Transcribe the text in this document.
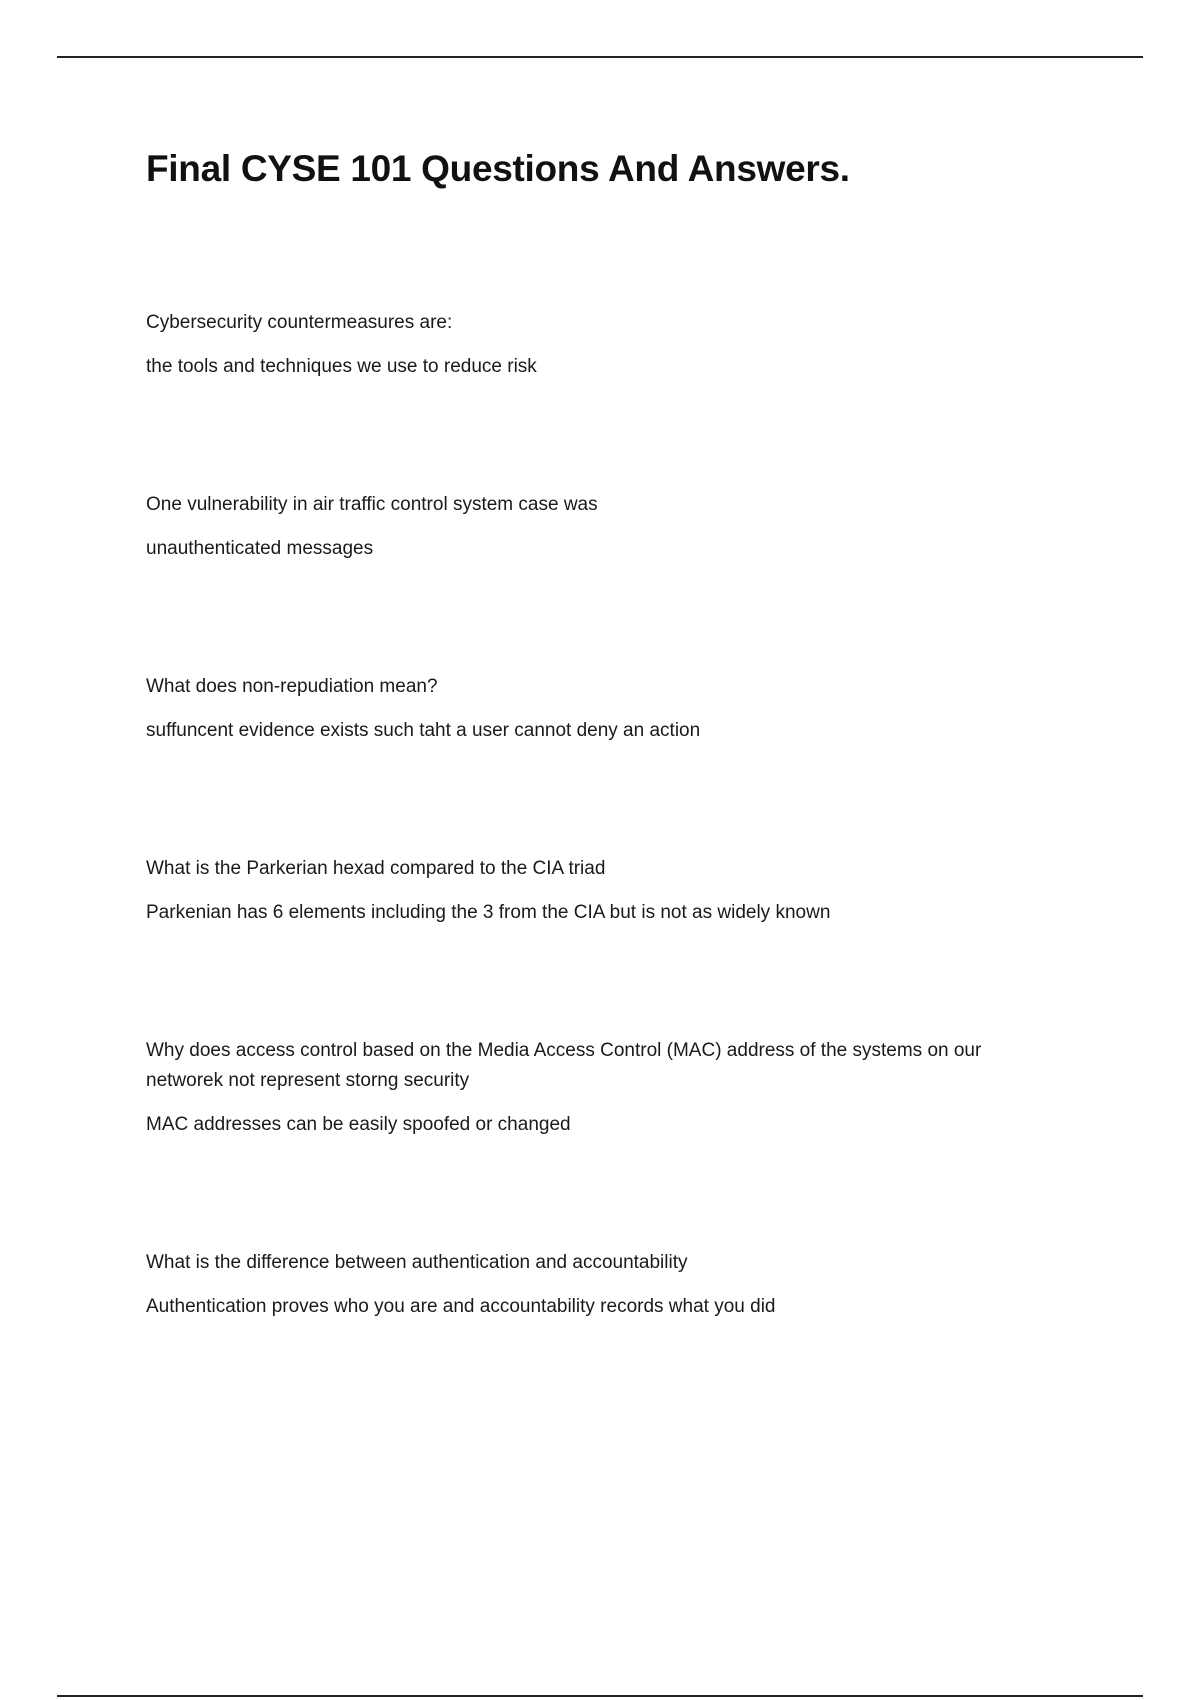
Final CYSE 101 Questions And Answers.

Cybersecurity countermeasures are:

the tools and techniques we use to reduce risk

One vulnerability in air traffic control system case was

unauthenticated messages

What does non-repudiation mean?

suffuncent evidence exists such taht a user cannot deny an action

What is the Parkerian hexad compared to the CIA triad

Parkenian has 6 elements including the 3 from the CIA but is not as widely known

Why does access control based on the Media Access Control (MAC) address of the systems on our networek not represent storng security

MAC addresses can be easily spoofed or changed

What is the difference between authentication and accountability

Authentication proves who you are and accountability records what you did
